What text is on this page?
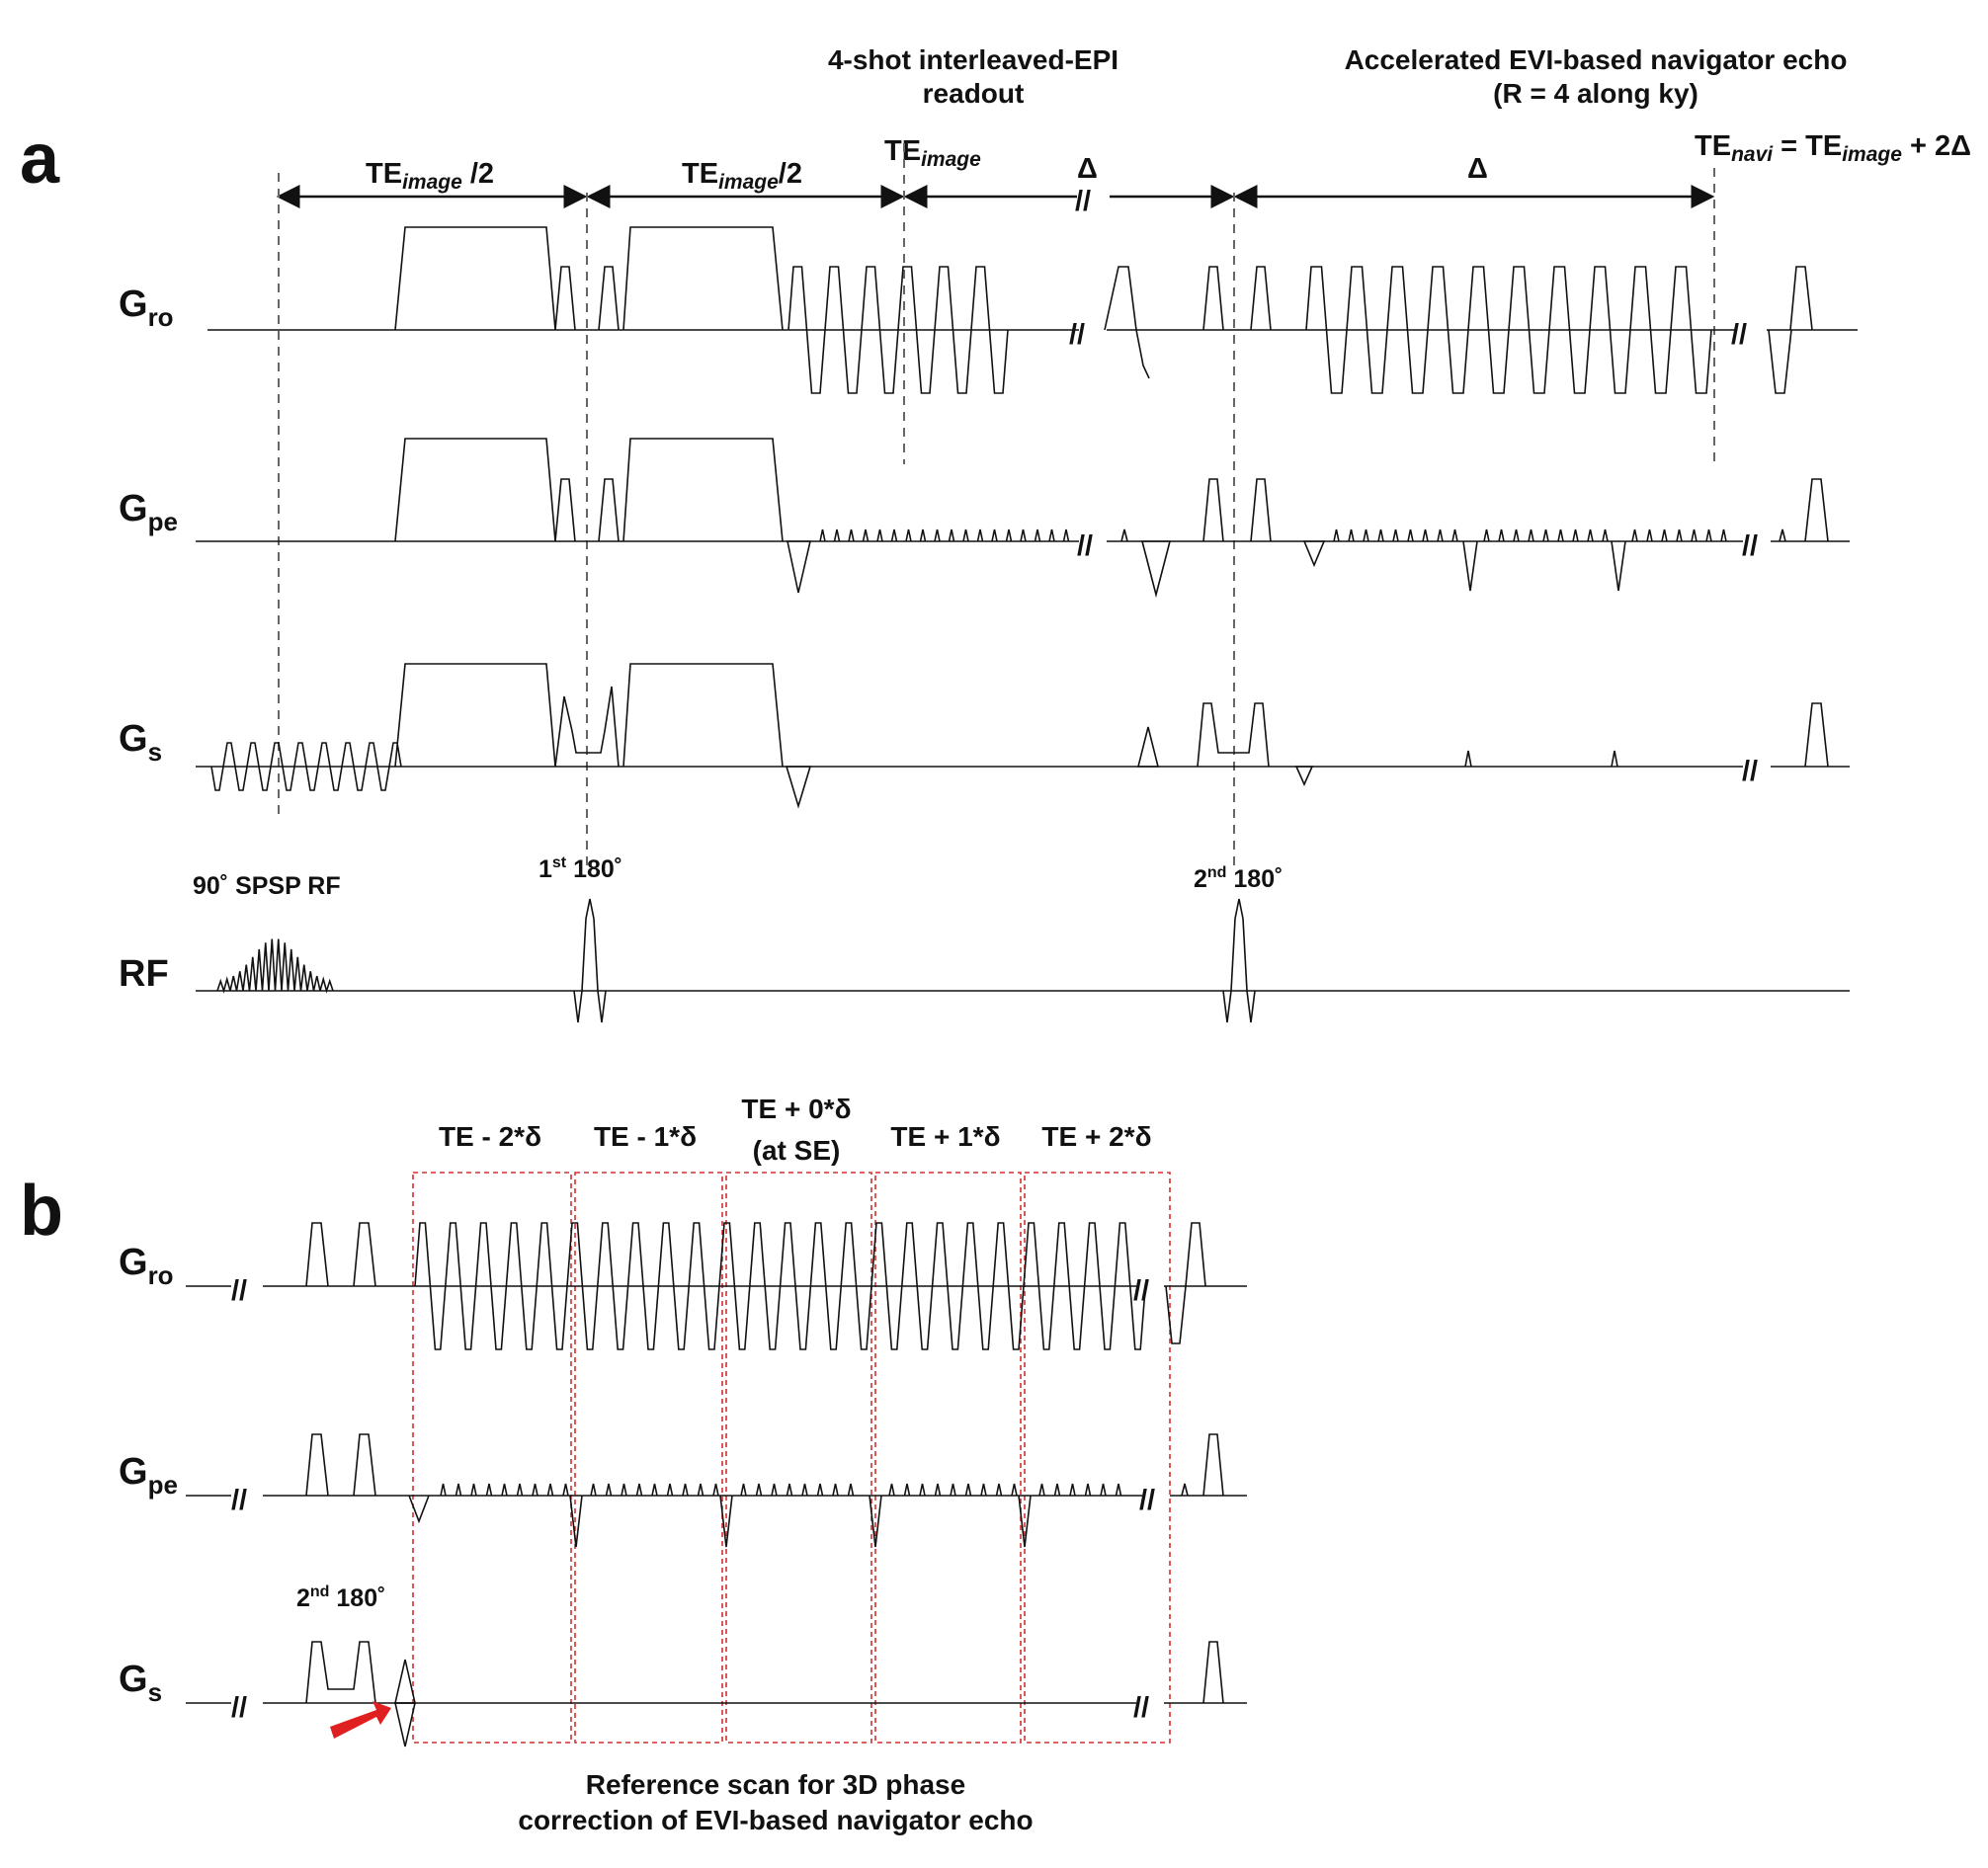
a
4-shot interleaved-EPI
readout
Accelerated EVI-based navigator echo
(R = 4 along ky)
$TE_{image}$ /2	$TE_{image}/2$
$TE_{image}$	Δ	Δ
$TE_{navi} = TE_{image} + 2\Delta$
//
$G_{ro}$
$G_{pe}$
$G_s$
RF
//	//
//	//
//
90˚ SPSP RF
1st 180˚	2nd 180˚
b
TE - 2*δ TE - 1*δ
TE + 0*δ
(at SE) TE + 1*δ TE + 2*δ
$G_{ro}$
$G_{pe}$
$G_s$
//	//
//	//
2nd 180˚
//	//
Reference scan for 3D phase
correction of EVI-based navigator echo
